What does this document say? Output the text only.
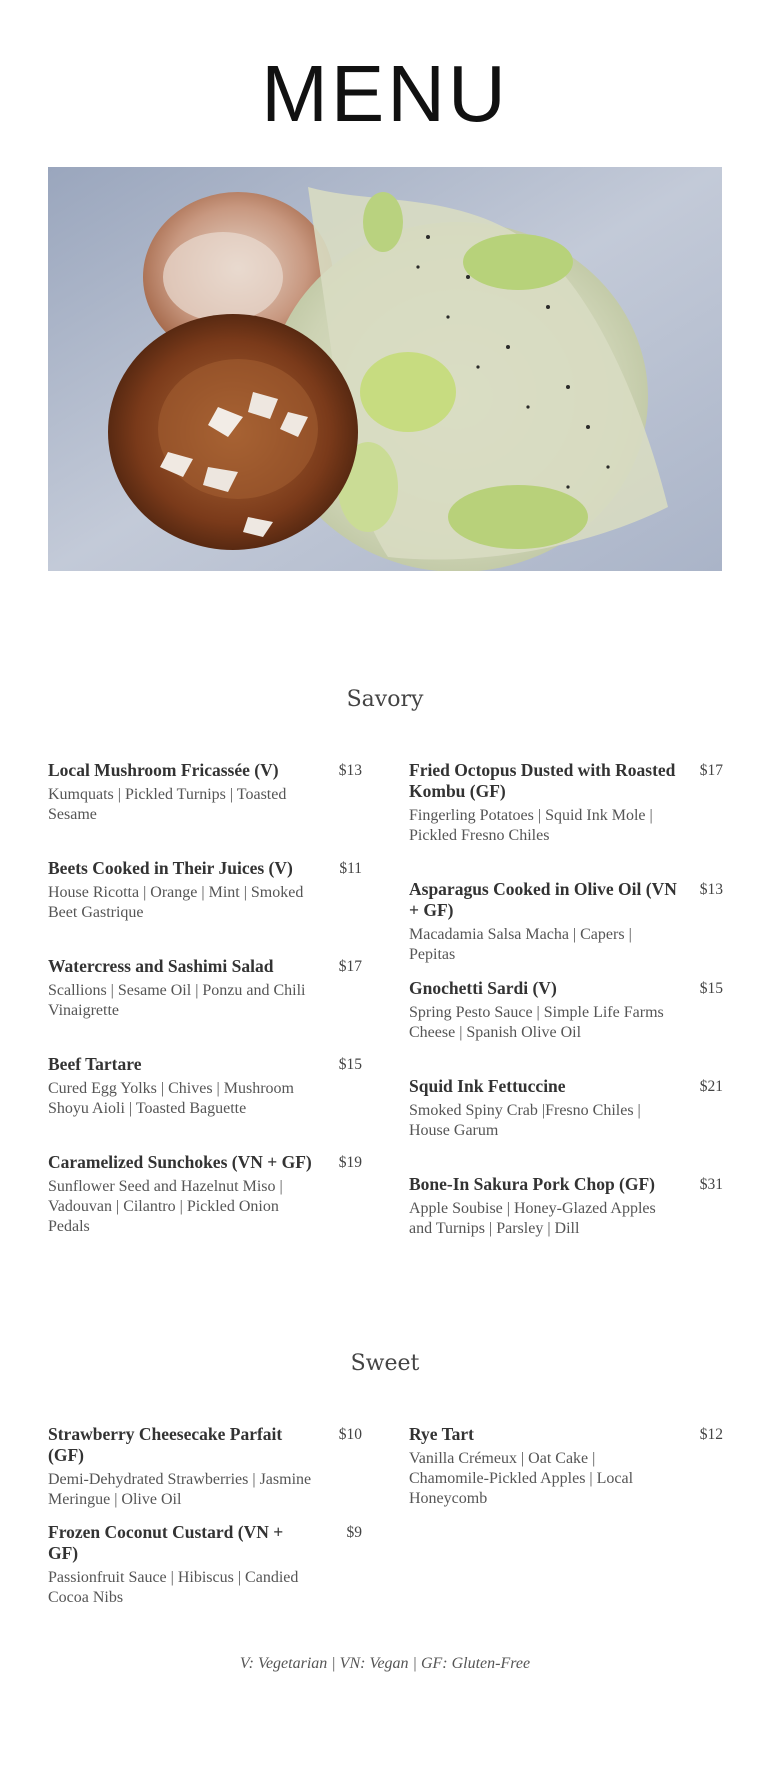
MENU
Savory
Local Mushroom Fricassée (V)	$13
Kumquats | Pickled Turnips | Toasted Sesame
Beets Cooked in Their Juices (V)	$11
House Ricotta | Orange | Mint | Smoked Beet Gastrique
Watercress and Sashimi Salad	$17
Scallions | Sesame Oil | Ponzu and Chili Vinaigrette
Beef Tartare	$15
Cured Egg Yolks | Chives | Mushroom Shoyu Aioli | Toasted Baguette
Caramelized Sunchokes (VN + GF) $19
Sunflower Seed and Hazelnut Miso | Vadouvan | Cilantro | Pickled Onion Pedals
Fried Octopus Dusted with Roasted Kombu (GF)
$17
Fingerling Potatoes | Squid Ink Mole | Pickled Fresno Chiles
Asparagus Cooked in Olive Oil (VN + GF)
$13
Macadamia Salsa Macha | Capers | Pepitas
Gnochetti Sardi (V)	$15
Spring Pesto Sauce | Simple Life Farms Cheese | Spanish Olive Oil
Squid Ink Fettuccine	$21
Smoked Spiny Crab |Fresno Chiles | House Garum
Bone-In Sakura Pork Chop (GF)	$31
Apple Soubise | Honey-Glazed Apples and Turnips | Parsley | Dill
Sweet
Strawberry Cheesecake Parfait (GF)
$10
Demi-Dehydrated Strawberries | Jasmine Meringue | Olive Oil
Frozen Coconut Custard (VN + GF)
$9
Passionfruit Sauce | Hibiscus | Candied Cocoa Nibs
Rye Tart	$12
Vanilla Crémeux | Oat Cake | Chamomile-Pickled Apples | Local Honeycomb
V: Vegetarian | VN: Vegan | GF: Gluten-Free
